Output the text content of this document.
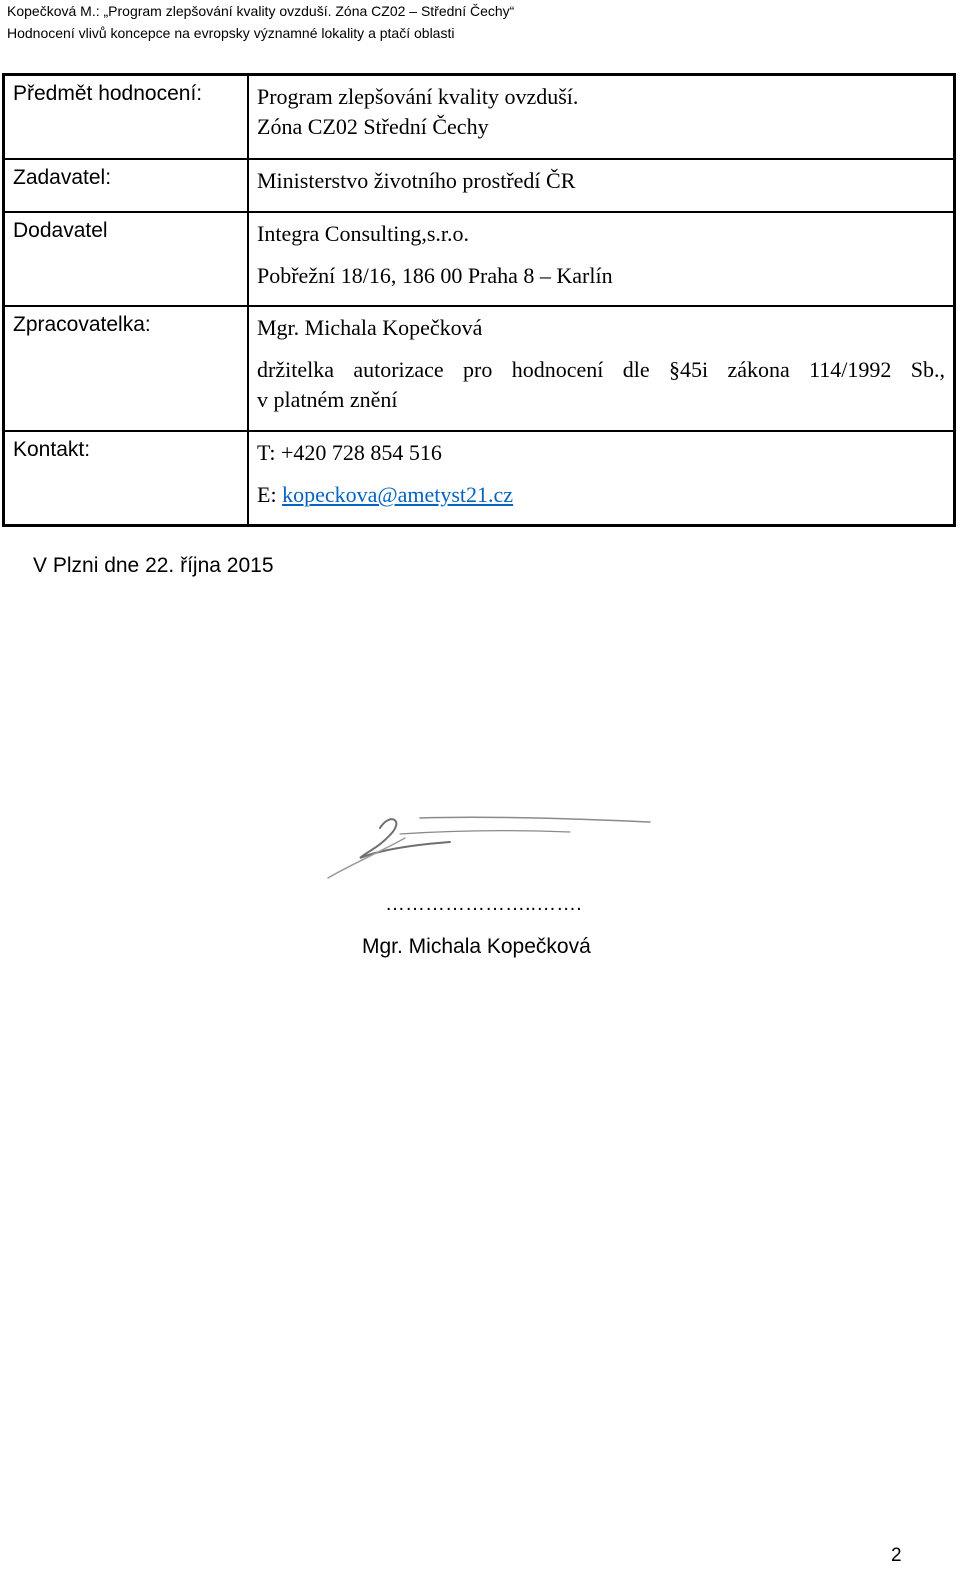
Kopečková M.: „Program zlepšování kvality ovzduší. Zóna CZ02 – Střední Čechy“
Hodnocení vlivů koncepce na evropsky významné lokality a ptačí oblasti
Předmět hodnocení:	Program zlepšování kvality ovzduší.
Zóna CZ02 Střední Čechy

Zadavatel:	Ministerstvo životního prostředí ČR

Dodavatel	Integra Consulting,s.r.o.
Pobřežní 18/16, 186 00 Praha 8 – Karlín

Zpracovatelka:	Mgr. Michala Kopečková
držitelka autorizace pro hodnocení dle §45i zákona 114/1992 Sb.,
v platném znění

Kontakt:	T: +420 728 854 516
E: kopeckova@ametyst21.cz
V Plzni dne 22. října 2015
…………………..…….
Mgr. Michala Kopečková
2
